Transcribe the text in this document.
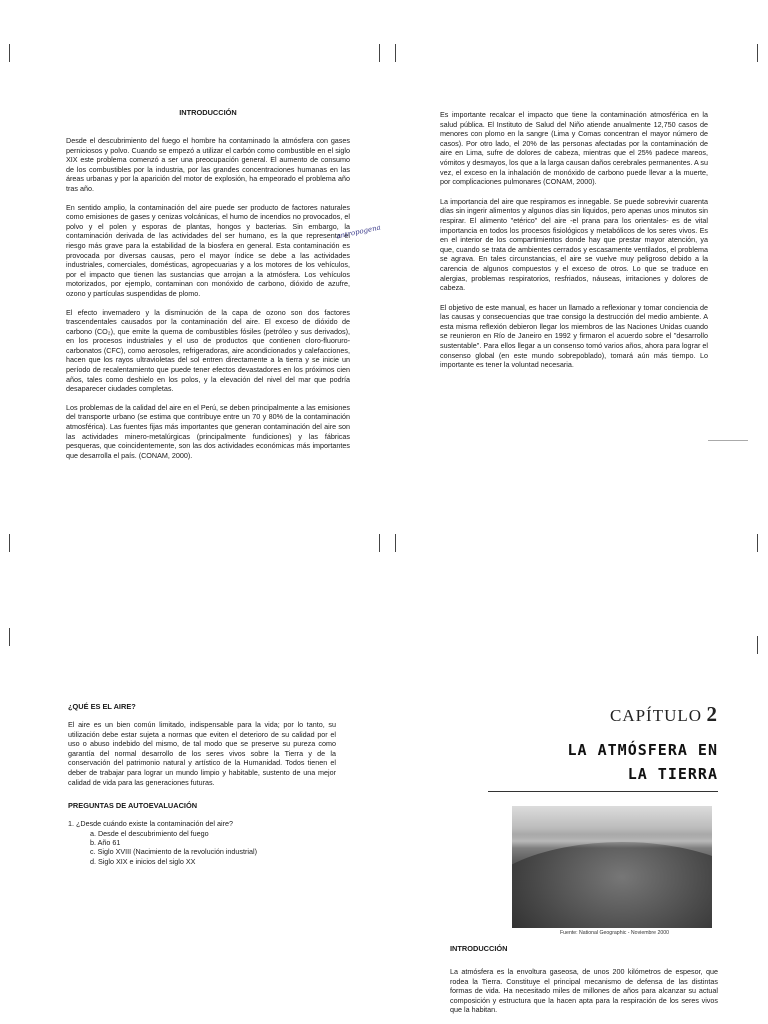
INTRODUCCIÓN

Desde el descubrimiento del fuego el hombre ha contaminado la atmósfera con gases perniciosos y polvo. Cuando se empezó a utilizar el carbón como combustible en el siglo XIX este problema comenzó a ser una preocupación general. El aumento de consumo de los combustibles por la industria, por las grandes concentraciones humanas en las áreas urbanas y por la aparición del motor de explosión, ha empeorado el problema año tras año.

En sentido amplio, la contaminación del aire puede ser producto de factores naturales como emisiones de gases y cenizas volcánicas, el humo de incendios no provocados, el polvo y el polen y esporas de plantas, hongos y bacterias. Sin embargo, la contaminación derivada de las actividades del ser humano, es la que representa el riesgo más grave para la estabilidad de la biosfera en general. Esta contaminación es provocada por diversas causas, pero el mayor índice se debe a las actividades industriales, comerciales, domésticas, agropecuarias y a los motores de los vehículos, por el impacto que tienen las sustancias que arrojan a la atmósfera. Los vehículos motorizados, por ejemplo, contaminan con monóxido de carbono, dióxido de azufre, ozono y partículas suspendidas de plomo.

El efecto invernadero y la disminución de la capa de ozono son dos factores trascendentales causados por la contaminación del aire. El exceso de dióxido de carbono (CO₂), que emite la quema de combustibles fósiles (petróleo y sus derivados), en los procesos industriales y el uso de productos que contienen cloro-fluoruro-carbonatos (CFC), como aerosoles, refrigeradoras, aire acondicionados y calefacciones, hacen que los rayos ultravioletas del sol entren directamente a la tierra y se inicie un período de recalentamiento que puede tener efectos devastadores en los próximos cien años, tales como deshielo en los polos, y la elevación del nivel del mar que podría desaparecer ciudades completas.

Los problemas de la calidad del aire en el Perú, se deben principalmente a las emisiones del transporte urbano (se estima que contribuye entre un 70 y 80% de la contaminación atmosférica). Las fuentes fijas más importantes que generan contaminación del aire son las actividades minero-metalúrgicas (principalmente fundiciones) y las fábricas pesqueras, que coincidentemente, son las dos actividades económicas más importantes que desarrolla el país. (CONAM, 2000).

antropogena

Es importante recalcar el impacto que tiene la contaminación atmosférica en la salud pública. El Instituto de Salud del Niño atiende anualmente 12,750 casos de menores con plomo en la sangre (Lima y Comas concentran el mayor número de casos). Por otro lado, el 20% de las personas afectadas por la contaminación de aire en Lima, sufre de dolores de cabeza, mientras que el 25% padece mareos, vómitos y desmayos, los que a la larga causan daños cerebrales permanentes. A su vez, el exceso en la inhalación de monóxido de carbono puede llevar a la muerte, por complicaciones pulmonares (CONAM, 2000).

La importancia del aire que respiramos es innegable. Se puede sobrevivir cuarenta días sin ingerir alimentos y algunos días sin líquidos, pero apenas unos minutos sin respirar. El alimento "etérico" del aire -el prana para los orientales- es de vital importancia en todos los procesos fisiológicos y metabólicos de los seres vivos. Es en el interior de los compartimientos donde hay que prestar mayor atención, ya que, cuando se trata de ambientes cerrados y escasamente ventilados, el problema se agrava. En tales circunstancias, el aire se vuelve muy peligroso debido a la carencia de algunos compuestos y el exceso de otros. Lo que se traduce en alergias, problemas respiratorios, resfriados, náuseas, irritaciones y dolores de cabeza.

El objetivo de este manual, es hacer un llamado a reflexionar y tomar conciencia de las causas y consecuencias que trae consigo la destrucción del medio ambiente. A esta misma reflexión debieron llegar los miembros de las Naciones Unidas cuando se reunieron en Río de Janeiro en 1992 y firmaron el acuerdo sobre el "desarrollo sustentable". Para ellos llegar a un consenso tomó varios años, ahora para lograr el consenso global (en este mundo sobrepoblado), tomará aún más tiempo. Lo importante es tener la voluntad necesaria.

¿QUÉ ES EL AIRE?

El aire es un bien común limitado, indispensable para la vida; por lo tanto, su utilización debe estar sujeta a normas que eviten el deterioro de su calidad por el uso o abuso indebido del mismo, de tal modo que se preserve su pureza como garantía del normal desarrollo de los seres vivos sobre la Tierra y de la conservación del patrimonio natural y artístico de la Humanidad. Todos tienen el deber de trabajar para lograr un mundo limpio y habitable, sustento de una mejor calidad de vida para las generaciones futuras.

PREGUNTAS DE AUTOEVALUACIÓN

1. ¿Desde cuándo existe la contaminación del aire?
a. Desde el descubrimiento del fuego
b. Año 61
c. Siglo XVIII (Nacimiento de la revolución industrial)
d. Siglo XIX e inicios del siglo XX
CAPÍTULO 2
LA ATMÓSFERA EN
LA TIERRA
Fuente: National Geographic - Noviembre 2000

INTRODUCCIÓN

La atmósfera es la envoltura gaseosa, de unos 200 kilómetros de espesor, que rodea la Tierra. Constituye el principal mecanismo de defensa de las distintas formas de vida. Ha necesitado miles de millones de años para alcanzar su actual composición y estructura que la hacen apta para la respiración de los seres vivos que la habitan.
